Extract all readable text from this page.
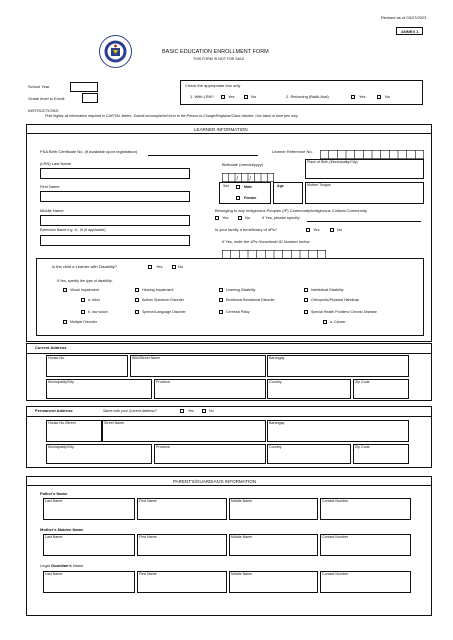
Revised as of 03/27/2023
ANNEX 1
BASIC EDUCATION ENROLLMENT FORM
THIS FORM IS NOT FOR SALE
School Year
Grade level to Enroll:
Check the appropriate box only
1. With LRN?	Yes	No	2. Returning (Balik-Aral)	Yes	No
INSTRUCTIONS:
Print legibly all information required in CAPITAL letters. Submit accomplished form to the Person-in-Charge/Registrar/Class Adviser. Use black or blue pen only.
LEARNER INFORMATION
PSA Birth Certificate No. (if available upon registration)	Learner Reference No.
(LRN) Last Name	Birthdate (mm/dd/yyyy)
/ /
Place of Birth (Municipality/City)
First Name	Sex	Male
Female
Age	Mother Tongue
Middle Name	Belonging to any Indigenous Peoples (IP) Community/Indigenous Cultural Community
Yes	No	If Yes, please specify:
Extension Name e.g. Jr., III (if applicable)	Is your family a beneficiary of 4Ps?	Yes	No
If Yes, write the 4Ps Household ID Number below
Is the child a Learner with Disability?	Yes	No
If Yes, specify the type of disability:
Visual Impairment
a. blind
b. low vision
Multiple Disorder
Hearing Impairment
Autism Spectrum Disorder
Speech/Language Disorder
Learning Disability
Emotional-Behavioral Disorder
Cerebral Palsy
Intellectual Disability
Orthopedic/Physical Handicap
Special Health Problem/ Chronic Disease
a. Cancer
Current Address
House No.	Sitio/Street Name	Barangay
Municipality/City	Province	Country	Zip Code
Permanent Address	Same with your Current Address?	Yes	No
House No./Street	Street Name	Barangay
Municipality/City	Province	Country	Zip Code
PARENT'S/GUARDIAN'S INFORMATION
Father's Name
Last Name	First Name	Middle Name	Contact Number
Mother's Maiden Name
Last Name	First Name	Middle Name	Contact Number
Legal Guardian's Name
Last Name	First Name	Middle Name	Contact Number
